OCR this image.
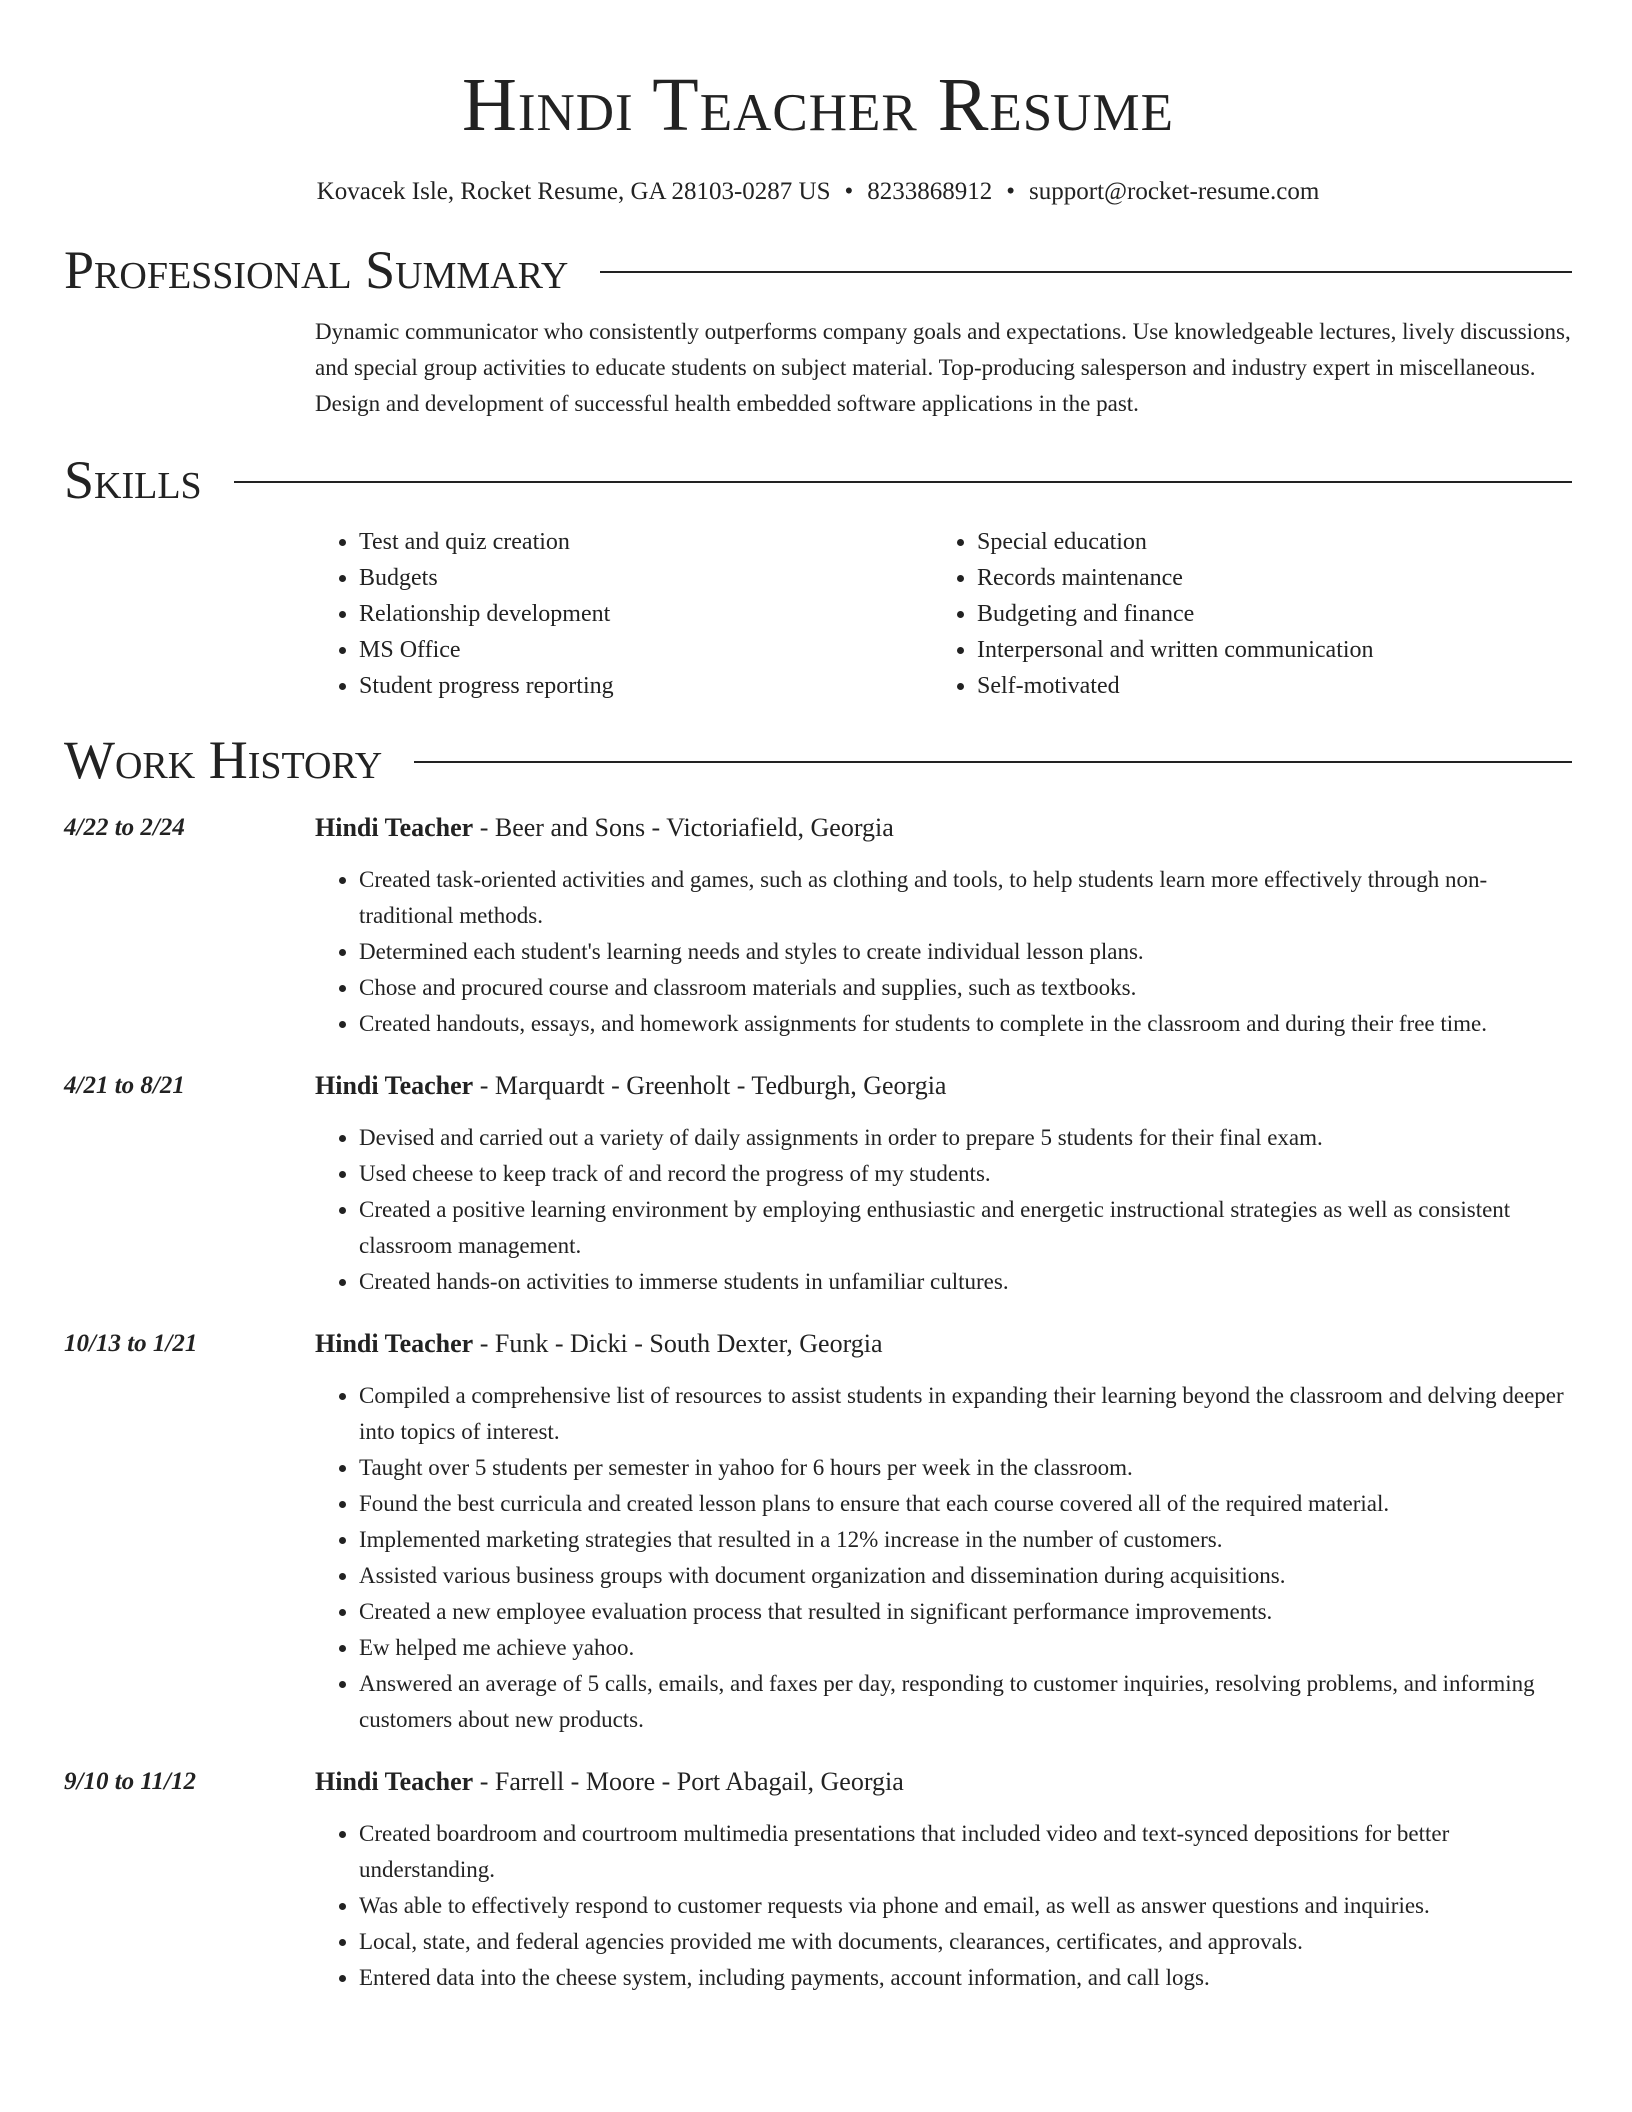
Hindi Teacher Resume
Kovacek Isle, Rocket Resume, GA 28103-0287 US • 8233868912 • support@rocket-resume.com
Professional Summary

Dynamic communicator who consistently outperforms company goals and expectations. Use knowledgeable lectures, lively discussions, and special group activities to educate students on subject material. Top-producing salesperson and industry expert in miscellaneous. Design and development of successful health embedded software applications in the past.

Skills
• Test and quiz creation
• Budgets
• Relationship development
• MS Office
• Student progress reporting
• Special education
• Records maintenance
• Budgeting and finance
• Interpersonal and written communication
• Self-motivated
Work History
4/22 to 2/24	Hindi Teacher - Beer and Sons - Victoriafield, Georgia
• Created task-oriented activities and games, such as clothing and tools, to help students learn more effectively through non-traditional methods.
• Determined each student's learning needs and styles to create individual lesson plans.
• Chose and procured course and classroom materials and supplies, such as textbooks.
• Created handouts, essays, and homework assignments for students to complete in the classroom and during their free time.
4/21 to 8/21	Hindi Teacher - Marquardt - Greenholt - Tedburgh, Georgia
• Devised and carried out a variety of daily assignments in order to prepare 5 students for their final exam.
• Used cheese to keep track of and record the progress of my students.
• Created a positive learning environment by employing enthusiastic and energetic instructional strategies as well as consistent classroom management.
• Created hands-on activities to immerse students in unfamiliar cultures.
10/13 to 1/21	Hindi Teacher - Funk - Dicki - South Dexter, Georgia
• Compiled a comprehensive list of resources to assist students in expanding their learning beyond the classroom and delving deeper into topics of interest.
• Taught over 5 students per semester in yahoo for 6 hours per week in the classroom.
• Found the best curricula and created lesson plans to ensure that each course covered all of the required material.
• Implemented marketing strategies that resulted in a 12% increase in the number of customers.
• Assisted various business groups with document organization and dissemination during acquisitions.
• Created a new employee evaluation process that resulted in significant performance improvements.
• Ew helped me achieve yahoo.
• Answered an average of 5 calls, emails, and faxes per day, responding to customer inquiries, resolving problems, and informing customers about new products.
9/10 to 11/12	Hindi Teacher - Farrell - Moore - Port Abagail, Georgia
• Created boardroom and courtroom multimedia presentations that included video and text-synced depositions for better understanding.
• Was able to effectively respond to customer requests via phone and email, as well as answer questions and inquiries.
• Local, state, and federal agencies provided me with documents, clearances, certificates, and approvals.
• Entered data into the cheese system, including payments, account information, and call logs.
